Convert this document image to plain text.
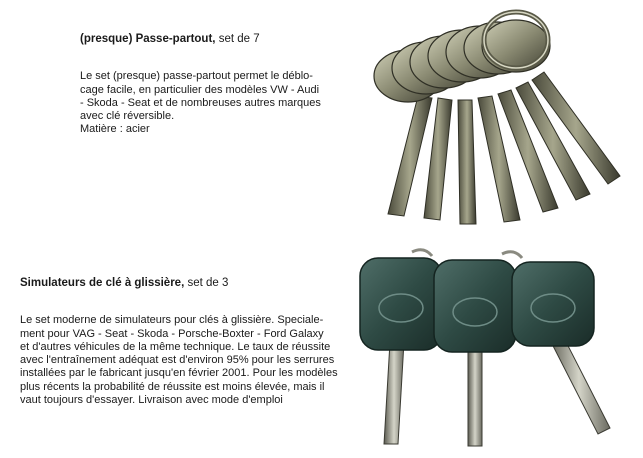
(presque) Passe-partout, set de 7

Le set (presque) passe-partout permet le déblo-

cage facile, en particulier des modèles VW - Audi

- Skoda - Seat et de nombreuses autres marques

avec clé réversible.

Matière : acier

Simulateurs de clé à glissière, set de 3

Le set moderne de simulateurs pour clés à glissière. Speciale-

ment pour VAG - Seat - Skoda - Porsche-Boxter - Ford Galaxy

et d'autres véhicules de la même technique. Le taux de réussite

avec l'entraînement adéquat est d'environ 95% pour les serrures

installées par le fabricant jusqu'en février 2001. Pour les modèles

plus récents la probabilité de réussite est moins élevée, mais il

vaut toujours d'essayer. Livraison avec mode d'emploi
